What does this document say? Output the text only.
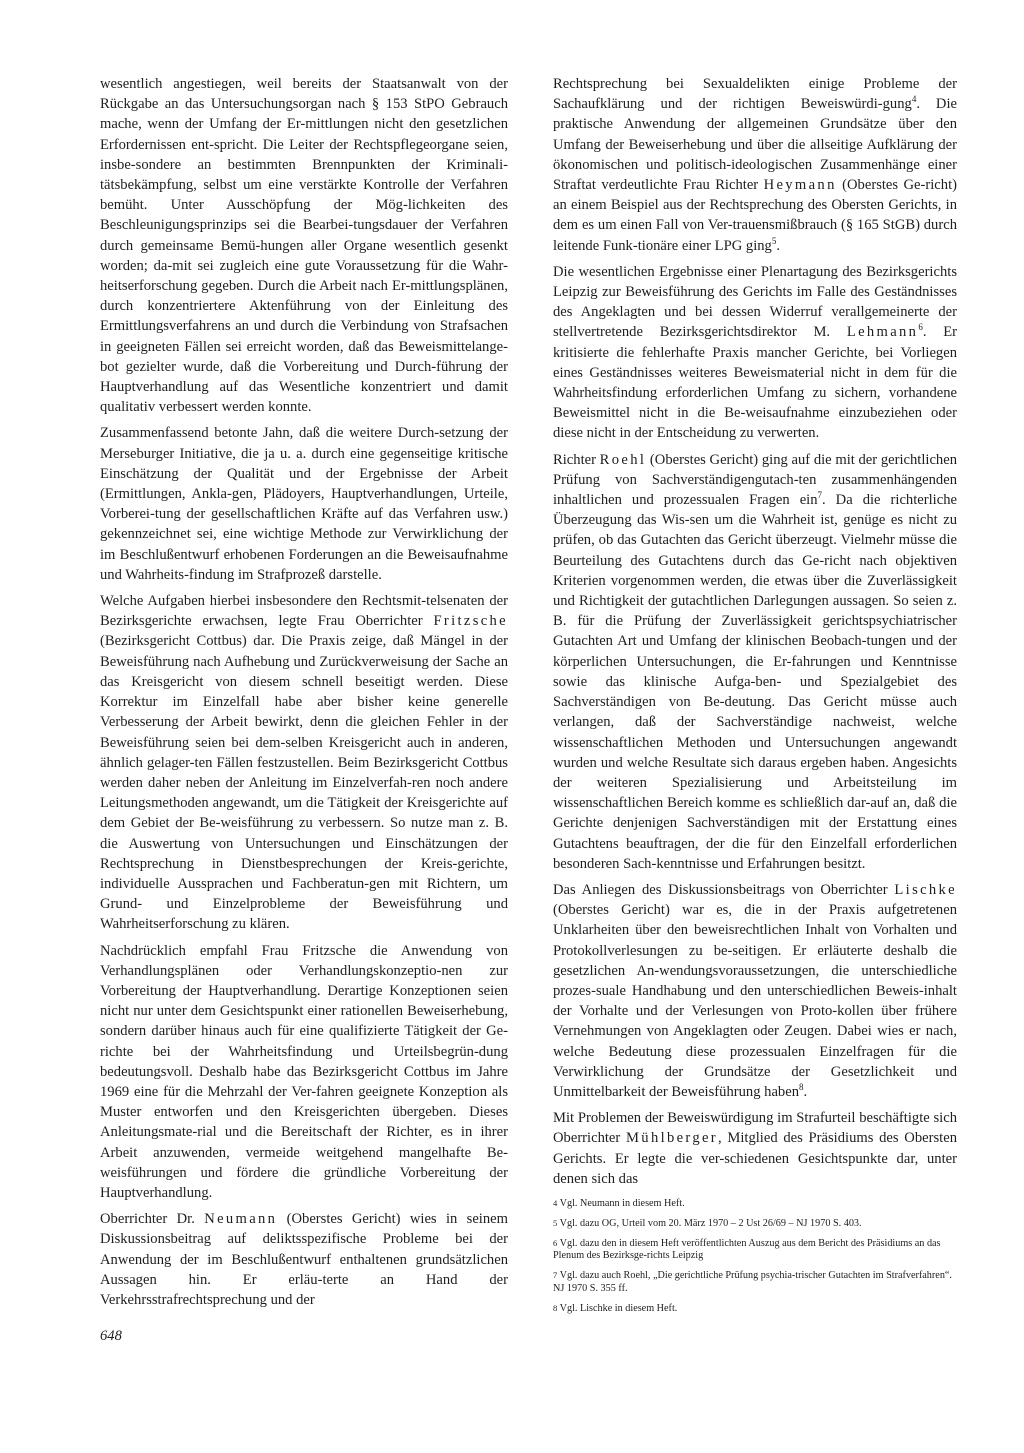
wesentlich angestiegen, weil bereits der Staatsanwalt von der Rückgabe an das Untersuchungsorgan nach § 153 StPO Gebrauch mache, wenn der Umfang der Er-mittlungen nicht den gesetzlichen Erfordernissen ent-spricht. Die Leiter der Rechtspflegeorgane seien, insbe-sondere an bestimmten Brennpunkten der Kriminali-tätsbekämpfung, selbst um eine verstärkte Kontrolle der Verfahren bemüht. Unter Ausschöpfung der Mög-lichkeiten des Beschleunigungsprinzips sei die Bearbei-tungsdauer der Verfahren durch gemeinsame Bemü-hungen aller Organe wesentlich gesenkt worden; da-mit sei zugleich eine gute Voraussetzung für die Wahr-heitserforschung gegeben. Durch die Arbeit nach Er-mittlungsplänen, durch konzentriertere Aktenführung von der Einleitung des Ermittlungsverfahrens an und durch die Verbindung von Strafsachen in geeigneten Fällen sei erreicht worden, daß das Beweismittelange-bot gezielter wurde, daß die Vorbereitung und Durch-führung der Hauptverhandlung auf das Wesentliche konzentriert und damit qualitativ verbessert werden konnte.

Zusammenfassend betonte Jahn, daß die weitere Durch-setzung der Merseburger Initiative, die ja u. a. durch eine gegenseitige kritische Einschätzung der Qualität und der Ergebnisse der Arbeit (Ermittlungen, Ankla-gen, Plädoyers, Hauptverhandlungen, Urteile, Vorberei-tung der gesellschaftlichen Kräfte auf das Verfahren usw.) gekennzeichnet sei, eine wichtige Methode zur Verwirklichung der im Beschlußentwurf erhobenen Forderungen an die Beweisaufnahme und Wahrheits-findung im Strafprozeß darstelle.

Welche Aufgaben hierbei insbesondere den Rechtsmit-telsenaten der Bezirksgerichte erwachsen, legte Frau Oberrichter Fritzsche (Bezirksgericht Cottbus) dar. Die Praxis zeige, daß Mängel in der Beweisführung nach Aufhebung und Zurückverweisung der Sache an das Kreisgericht von diesem schnell beseitigt werden. Diese Korrektur im Einzelfall habe aber bisher keine generelle Verbesserung der Arbeit bewirkt, denn die gleichen Fehler in der Beweisführung seien bei dem-selben Kreisgericht auch in anderen, ähnlich gelager-ten Fällen festzustellen. Beim Bezirksgericht Cottbus werden daher neben der Anleitung im Einzelverfah-ren noch andere Leitungsmethoden angewandt, um die Tätigkeit der Kreisgerichte auf dem Gebiet der Be-weisführung zu verbessern. So nutze man z. B. die Auswertung von Untersuchungen und Einschätzungen der Rechtsprechung in Dienstbesprechungen der Kreis-gerichte, individuelle Aussprachen und Fachberatun-gen mit Richtern, um Grund- und Einzelprobleme der Beweisführung und Wahrheitserforschung zu klären.

Nachdrücklich empfahl Frau Fritzsche die Anwendung von Verhandlungsplänen oder Verhandlungskonzeptio-nen zur Vorbereitung der Hauptverhandlung. Derartige Konzeptionen seien nicht nur unter dem Gesichtspunkt einer rationellen Beweiserhebung, sondern darüber hinaus auch für eine qualifizierte Tätigkeit der Ge-richte bei der Wahrheitsfindung und Urteilsbegrün-dung bedeutungsvoll. Deshalb habe das Bezirksgericht Cottbus im Jahre 1969 eine für die Mehrzahl der Ver-fahren geeignete Konzeption als Muster entworfen und den Kreisgerichten übergeben. Dieses Anleitungsmate-rial und die Bereitschaft der Richter, es in ihrer Arbeit anzuwenden, vermeide weitgehend mangelhafte Be-weisführungen und fördere die gründliche Vorbereitung der Hauptverhandlung.

Oberrichter Dr. Neumann (Oberstes Gericht) wies in seinem Diskussionsbeitrag auf deliktsspezifische Probleme bei der Anwendung der im Beschlußentwurf enthaltenen grundsätzlichen Aussagen hin. Er erläu-terte an Hand der Verkehrsstrafrechtsprechung und der

Rechtsprechung bei Sexualdelikten einige Probleme der Sachaufklärung und der richtigen Beweiswürdi-gung$^4$. Die praktische Anwendung der allgemeinen Grundsätze über den Umfang der Beweiserhebung und über die allseitige Aufklärung der ökonomischen und politisch-ideologischen Zusammenhänge einer Straftat verdeutlichte Frau Richter Heymann (Oberstes Ge-richt) an einem Beispiel aus der Rechtsprechung des Obersten Gerichts, in dem es um einen Fall von Ver-trauensmißbrauch (§ 165 StGB) durch leitende Funk-tionäre einer LPG ging$^5$.

Die wesentlichen Ergebnisse einer Plenartagung des Bezirksgerichts Leipzig zur Beweisführung des Gerichts im Falle des Geständnisses des Angeklagten und bei dessen Widerruf verallgemeinerte der stellvertretende Bezirksgerichtsdirektor M. Lehmann$^6$. Er kritisierte die fehlerhafte Praxis mancher Gerichte, bei Vorliegen eines Geständnisses weiteres Beweismaterial nicht in dem für die Wahrheitsfindung erforderlichen Umfang zu sichern, vorhandene Beweismittel nicht in die Be-weisaufnahme einzubeziehen oder diese nicht in der Entscheidung zu verwerten.

Richter Roehl (Oberstes Gericht) ging auf die mit der gerichtlichen Prüfung von Sachverständigengutach-ten zusammenhängenden inhaltlichen und prozessualen Fragen ein$^7$. Da die richterliche Überzeugung das Wis-sen um die Wahrheit ist, genüge es nicht zu prüfen, ob das Gutachten das Gericht überzeugt. Vielmehr müsse die Beurteilung des Gutachtens durch das Ge-richt nach objektiven Kriterien vorgenommen werden, die etwas über die Zuverlässigkeit und Richtigkeit der gutachtlichen Darlegungen aussagen. So seien z. B. für die Prüfung der Zuverlässigkeit gerichtspsychiatrischer Gutachten Art und Umfang der klinischen Beobach-tungen und der körperlichen Untersuchungen, die Er-fahrungen und Kenntnisse sowie das klinische Aufga-ben- und Spezialgebiet des Sachverständigen von Be-deutung. Das Gericht müsse auch verlangen, daß der Sachverständige nachweist, welche wissenschaftlichen Methoden und Untersuchungen angewandt wurden und welche Resultate sich daraus ergeben haben. Angesichts der weiteren Spezialisierung und Arbeitsteilung im wissenschaftlichen Bereich komme es schließlich dar-auf an, daß die Gerichte denjenigen Sachverständigen mit der Erstattung eines Gutachtens beauftragen, der die für den Einzelfall erforderlichen besonderen Sach-kenntnisse und Erfahrungen besitzt.

Das Anliegen des Diskussionsbeitrags von Oberrichter Lischke (Oberstes Gericht) war es, die in der Praxis aufgetretenen Unklarheiten über den beweisrechtlichen Inhalt von Vorhalten und Protokollverlesungen zu be-seitigen. Er erläuterte deshalb die gesetzlichen An-wendungsvoraussetzungen, die unterschiedliche prozes-suale Handhabung und den unterschiedlichen Beweis-inhalt der Vorhalte und der Verlesungen von Proto-kollen über frühere Vernehmungen von Angeklagten oder Zeugen. Dabei wies er nach, welche Bedeutung diese prozessualen Einzelfragen für die Verwirklichung der Grundsätze der Gesetzlichkeit und Unmittelbarkeit der Beweisführung haben$^8$.

Mit Problemen der Beweiswürdigung im Strafurteil beschäftigte sich Oberrichter Mühlberger, Mitglied des Präsidiums des Obersten Gerichts. Er legte die ver-schiedenen Gesichtspunkte dar, unter denen sich das

4 Vgl. Neumann in diesem Heft.

5 Vgl. dazu OG, Urteil vom 20. März 1970 – 2 Ust 26/69 – NJ 1970 S. 403.

6 Vgl. dazu den in diesem Heft veröffentlichten Auszug aus dem Bericht des Präsidiums an das Plenum des Bezirksge-richts Leipzig

7 Vgl. dazu auch Roehl, „Die gerichtliche Prüfung psychia-trischer Gutachten im Strafverfahren“. NJ 1970 S. 355 ff.

8 Vgl. Lischke in diesem Heft.

648
